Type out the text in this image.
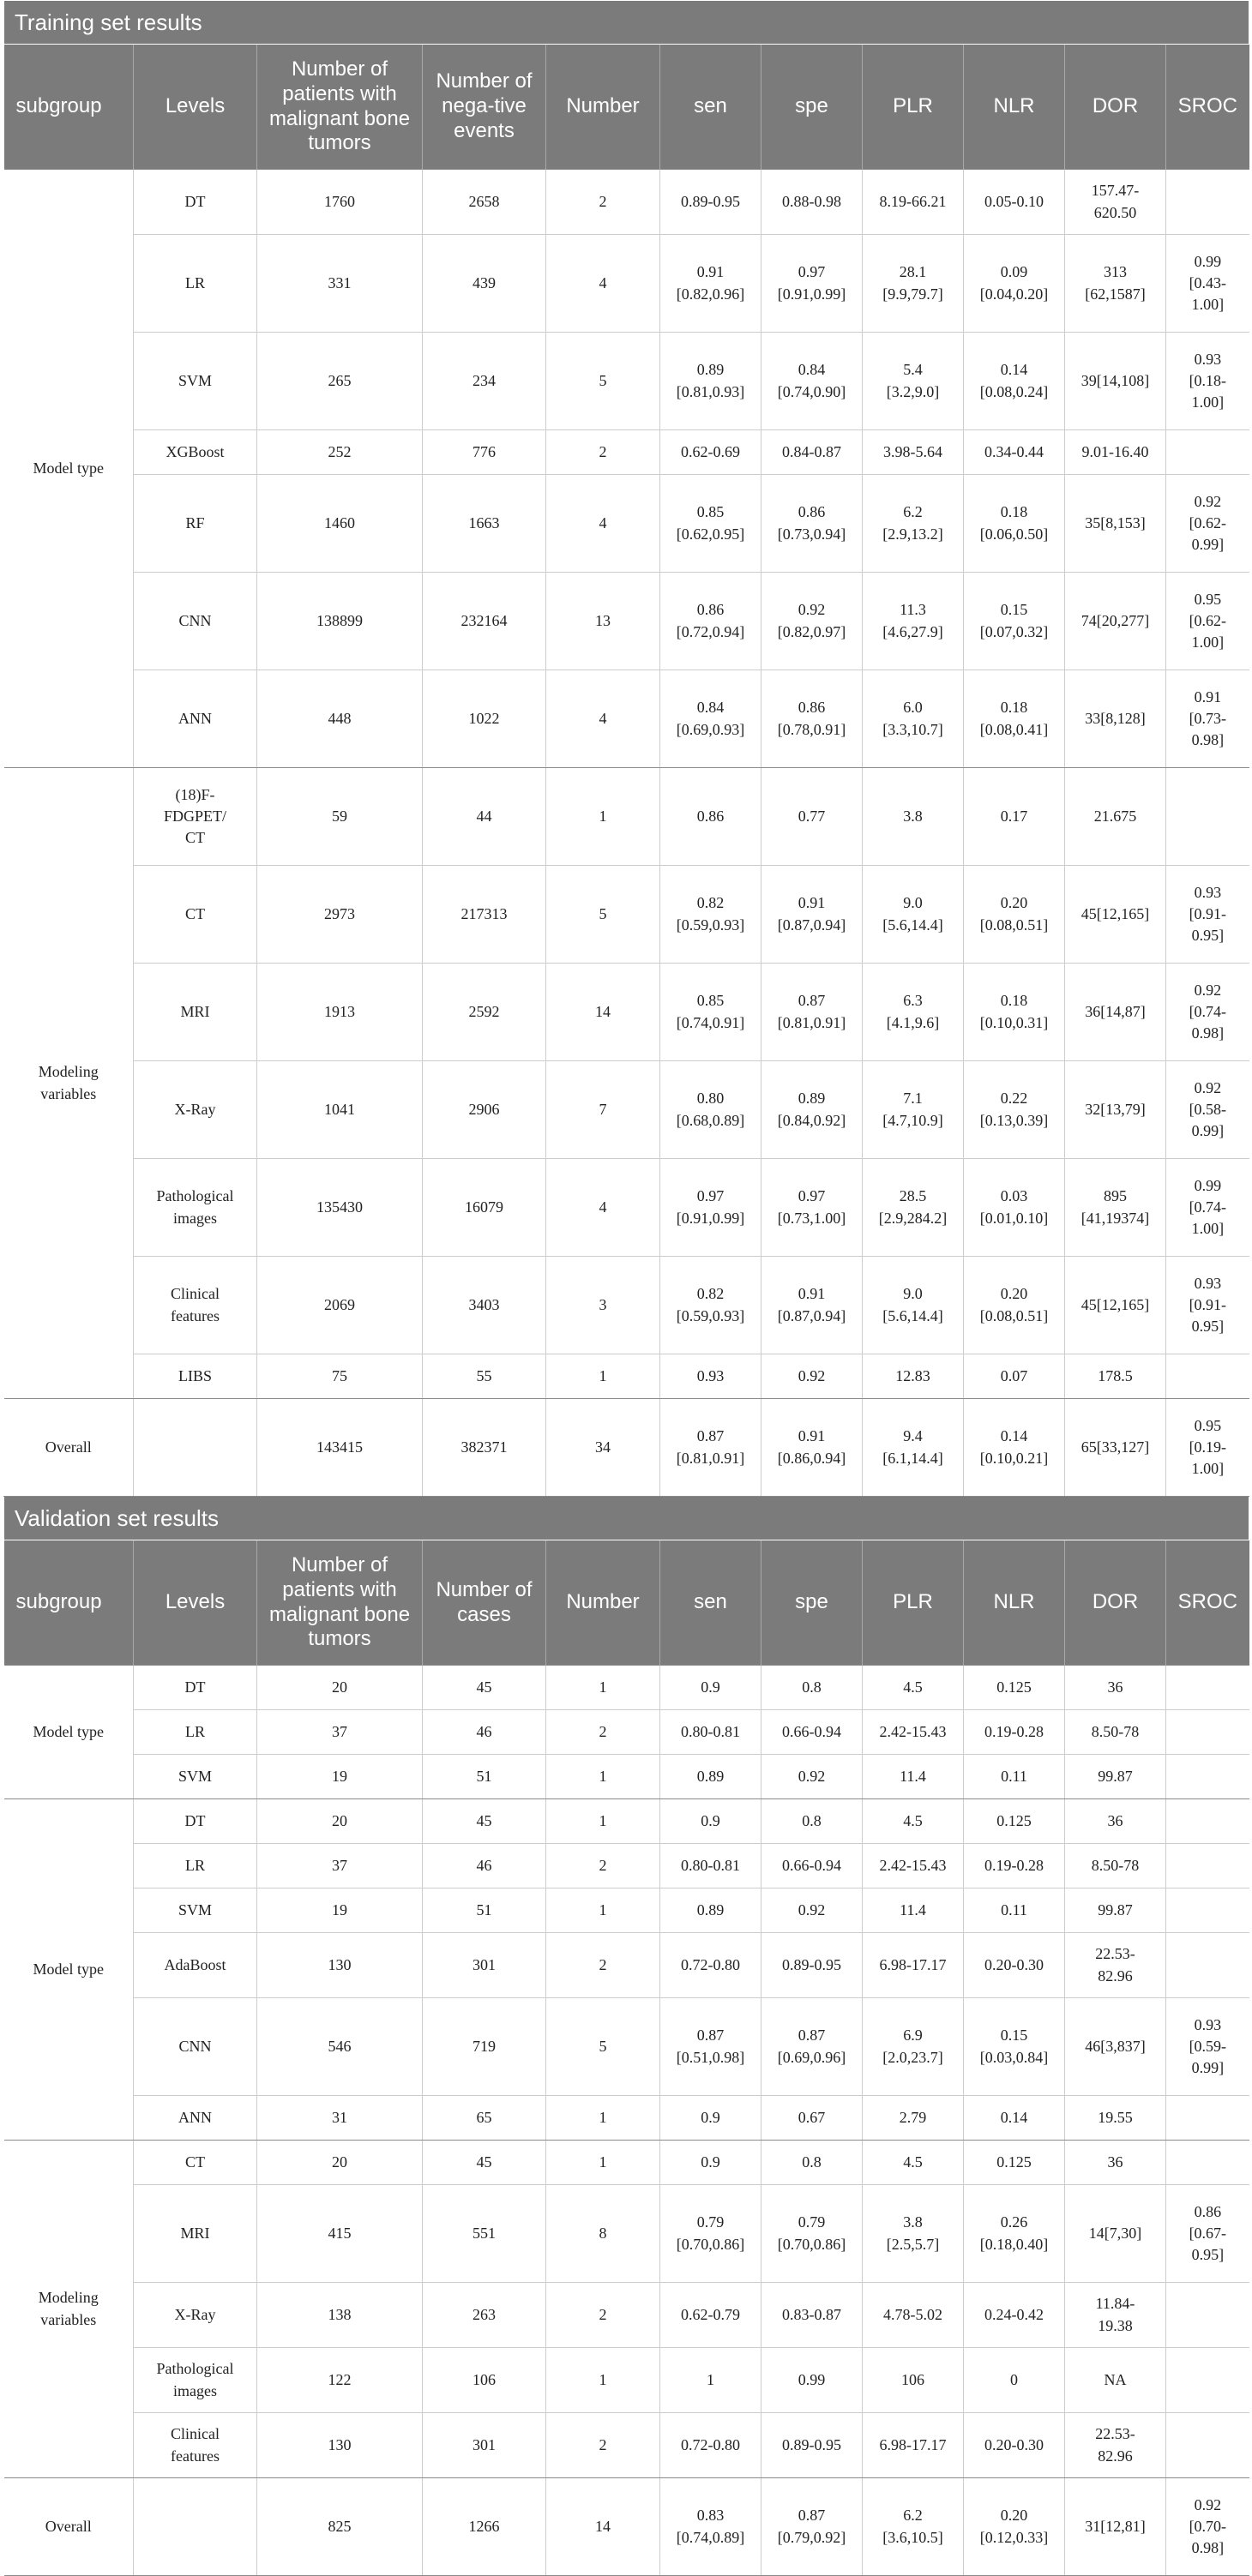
Training set results										
subgroup	Levels	Number of patients with malignant bone tumors	Number of nega-tive events	Number	sen	spe	PLR	NLR	DOR	SROC
Model type	DT	1760	2658	2	0.89-0.95	0.88-0.98	8.19-66.21	0.05-0.10	157.47-
620.50	
	LR	331	439	4	0.91
[0.82,0.96]	0.97
[0.91,0.99]	28.1
[9.9,79.7]	0.09
[0.04,0.20]	313
[62,1587]	0.99
[0.43-
1.00]
	SVM	265	234	5	0.89
[0.81,0.93]	0.84
[0.74,0.90]	5.4
[3.2,9.0]	0.14
[0.08,0.24]	39[14,108]	0.93
[0.18-
1.00]
	XGBoost	252	776	2	0.62-0.69	0.84-0.87	3.98-5.64	0.34-0.44	9.01-16.40	
	RF	1460	1663	4	0.85
[0.62,0.95]	0.86
[0.73,0.94]	6.2
[2.9,13.2]	0.18
[0.06,0.50]	35[8,153]	0.92
[0.62-
0.99]
	CNN	138899	232164	13	0.86
[0.72,0.94]	0.92
[0.82,0.97]	11.3
[4.6,27.9]	0.15
[0.07,0.32]	74[20,277]	0.95
[0.62-
1.00]
	ANN	448	1022	4	0.84
[0.69,0.93]	0.86
[0.78,0.91]	6.0
[3.3,10.7]	0.18
[0.08,0.41]	33[8,128]	0.91
[0.73-
0.98]
Modeling
variables	(18)F-
FDGPET/
CT	59	44	1	0.86	0.77	3.8	0.17	21.675	
	CT	2973	217313	5	0.82
[0.59,0.93]	0.91
[0.87,0.94]	9.0
[5.6,14.4]	0.20
[0.08,0.51]	45[12,165]	0.93
[0.91-
0.95]
	MRI	1913	2592	14	0.85
[0.74,0.91]	0.87
[0.81,0.91]	6.3
[4.1,9.6]	0.18
[0.10,0.31]	36[14,87]	0.92
[0.74-
0.98]
	X-Ray	1041	2906	7	0.80
[0.68,0.89]	0.89
[0.84,0.92]	7.1
[4.7,10.9]	0.22
[0.13,0.39]	32[13,79]	0.92
[0.58-
0.99]
	Pathological
images	135430	16079	4	0.97
[0.91,0.99]	0.97
[0.73,1.00]	28.5
[2.9,284.2]	0.03
[0.01,0.10]	895
[41,19374]	0.99
[0.74-
1.00]
	Clinical
features	2069	3403	3	0.82
[0.59,0.93]	0.91
[0.87,0.94]	9.0
[5.6,14.4]	0.20
[0.08,0.51]	45[12,165]	0.93
[0.91-
0.95]
	LIBS	75	55	1	0.93	0.92	12.83	0.07	178.5	
Overall		143415	382371	34	0.87
[0.81,0.91]	0.91
[0.86,0.94]	9.4
[6.1,14.4]	0.14
[0.10,0.21]	65[33,127]	0.95
[0.19-
1.00]
Validation set results										
subgroup	Levels	Number of patients with malignant bone tumors	Number of cases	Number	sen	spe	PLR	NLR	DOR	SROC
Model type	DT	20	45	1	0.9	0.8	4.5	0.125	36	
	LR	37	46	2	0.80-0.81	0.66-0.94	2.42-15.43	0.19-0.28	8.50-78	
	SVM	19	51	1	0.89	0.92	11.4	0.11	99.87	
Model type	DT	20	45	1	0.9	0.8	4.5	0.125	36	
	LR	37	46	2	0.80-0.81	0.66-0.94	2.42-15.43	0.19-0.28	8.50-78	
	SVM	19	51	1	0.89	0.92	11.4	0.11	99.87	
	AdaBoost	130	301	2	0.72-0.80	0.89-0.95	6.98-17.17	0.20-0.30	22.53-
82.96	
	CNN	546	719	5	0.87
[0.51,0.98]	0.87
[0.69,0.96]	6.9
[2.0,23.7]	0.15
[0.03,0.84]	46[3,837]	0.93
[0.59-
0.99]
	ANN	31	65	1	0.9	0.67	2.79	0.14	19.55	
Modeling
variables	CT	20	45	1	0.9	0.8	4.5	0.125	36	
	MRI	415	551	8	0.79
[0.70,0.86]	0.79
[0.70,0.86]	3.8
[2.5,5.7]	0.26
[0.18,0.40]	14[7,30]	0.86
[0.67-
0.95]
	X-Ray	138	263	2	0.62-0.79	0.83-0.87	4.78-5.02	0.24-0.42	11.84-
19.38	
	Pathological
images	122	106	1	1	0.99	106	0	NA	
	Clinical
features	130	301	2	0.72-0.80	0.89-0.95	6.98-17.17	0.20-0.30	22.53-
82.96	
Overall		825	1266	14	0.83
[0.74,0.89]	0.87
[0.79,0.92]	6.2
[3.6,10.5]	0.20
[0.12,0.33]	31[12,81]	0.92
[0.70-
0.98]
